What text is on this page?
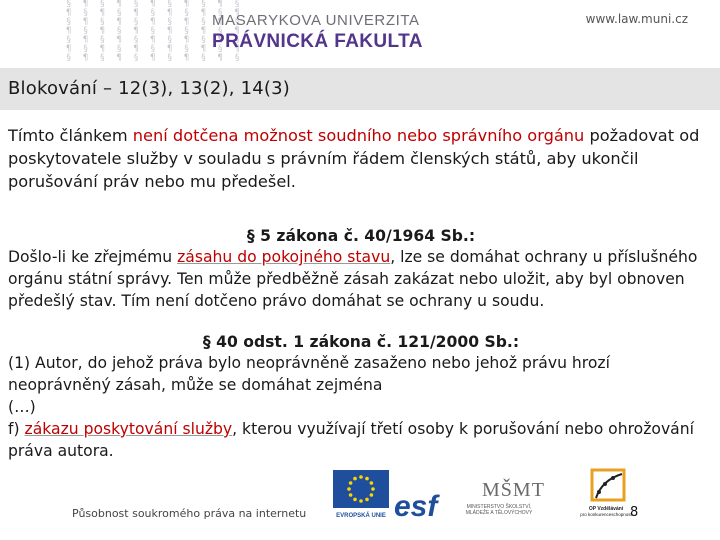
§ ¶ § ¶ § ¶ § ¶ § ¶ §
¶ § ¶ § ¶ § ¶ § ¶ § ¶
§ ¶ § ¶ § ¶ § ¶ § ¶ §
¶ § ¶ § ¶ § ¶ § ¶ § ¶
§ ¶ § ¶ § ¶ § ¶ § ¶ §
¶ § ¶ § ¶ § ¶ § ¶ § ¶
§ ¶ § ¶ § ¶ § ¶ § ¶ §
MASARYKOVA UNIVERZITA
PRÁVNICKÁ FAKULTA
www.law.muni.cz
Blokování – 12(3), 13(2), 14(3)
Tímto článkem není dotčena možnost soudního nebo správního orgánu požadovat od poskytovatele služby v souladu s právním řádem členských států, aby ukončil porušování práv nebo mu předešel.
§ 5 zákona č. 40/1964 Sb.:
Došlo-li ke zřejmému zásahu do pokojného stavu, lze se domáhat ochrany u příslušného orgánu státní správy. Ten může předběžně zásah zakázat nebo uložit, aby byl obnoven předešlý stav. Tím není dotčeno právo domáhat se ochrany u soudu.
§ 40 odst. 1 zákona č. 121/2000 Sb.:
(1) Autor, do jehož práva bylo neoprávněně zasaženo nebo jehož právu hrozí neoprávněný zásah, může se domáhat zejména
(…)
f) zákazu poskytování služby, kterou využívají třetí osoby k porušování nebo ohrožování práva autora.
Působnost soukromého práva na internetu	EVROPSKÁ UNIE esf MŠMT
MINISTERSTVO ŠKOLSTVÍ,
MLÁDEŽE A TĚLOVÝCHOVY
OP Vzdělávání
pro konkurenceschopnost
8
